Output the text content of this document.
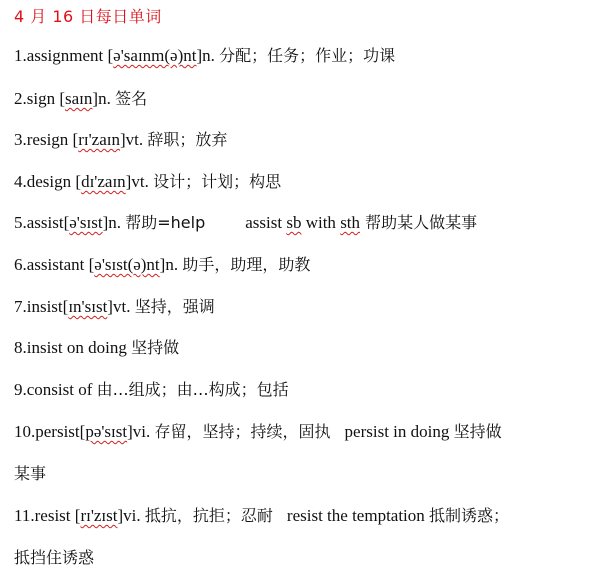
4 月 16 日每日单词
1.assignment [ə'saɪnm(ə)nt]n. 分配；任务；作业；功课
2.sign [saɪn]n. 签名
3.resign [rɪ'zaɪn]vt. 辞职；放弃
4.design [dɪ'zaɪn]vt. 设计；计划；构思
5.assist[ə'sɪst]n. 帮助=help assist sb with sth 帮助某人做某事
6.assistant [ə'sɪst(ə)nt]n. 助手，助理，助教
7.insist[ɪn'sɪst]vt. 坚持，强调
8.insist on doing 坚持做
9.consist of 由…组成；由…构成；包括
10.persist[pə'sɪst]vi. 存留，坚持；持续，固执 persist in doing 坚持做
某事
11.resist [rɪ'zɪst]vi. 抵抗，抗拒；忍耐 resist the temptation 抵制诱惑；
抵挡住诱惑
